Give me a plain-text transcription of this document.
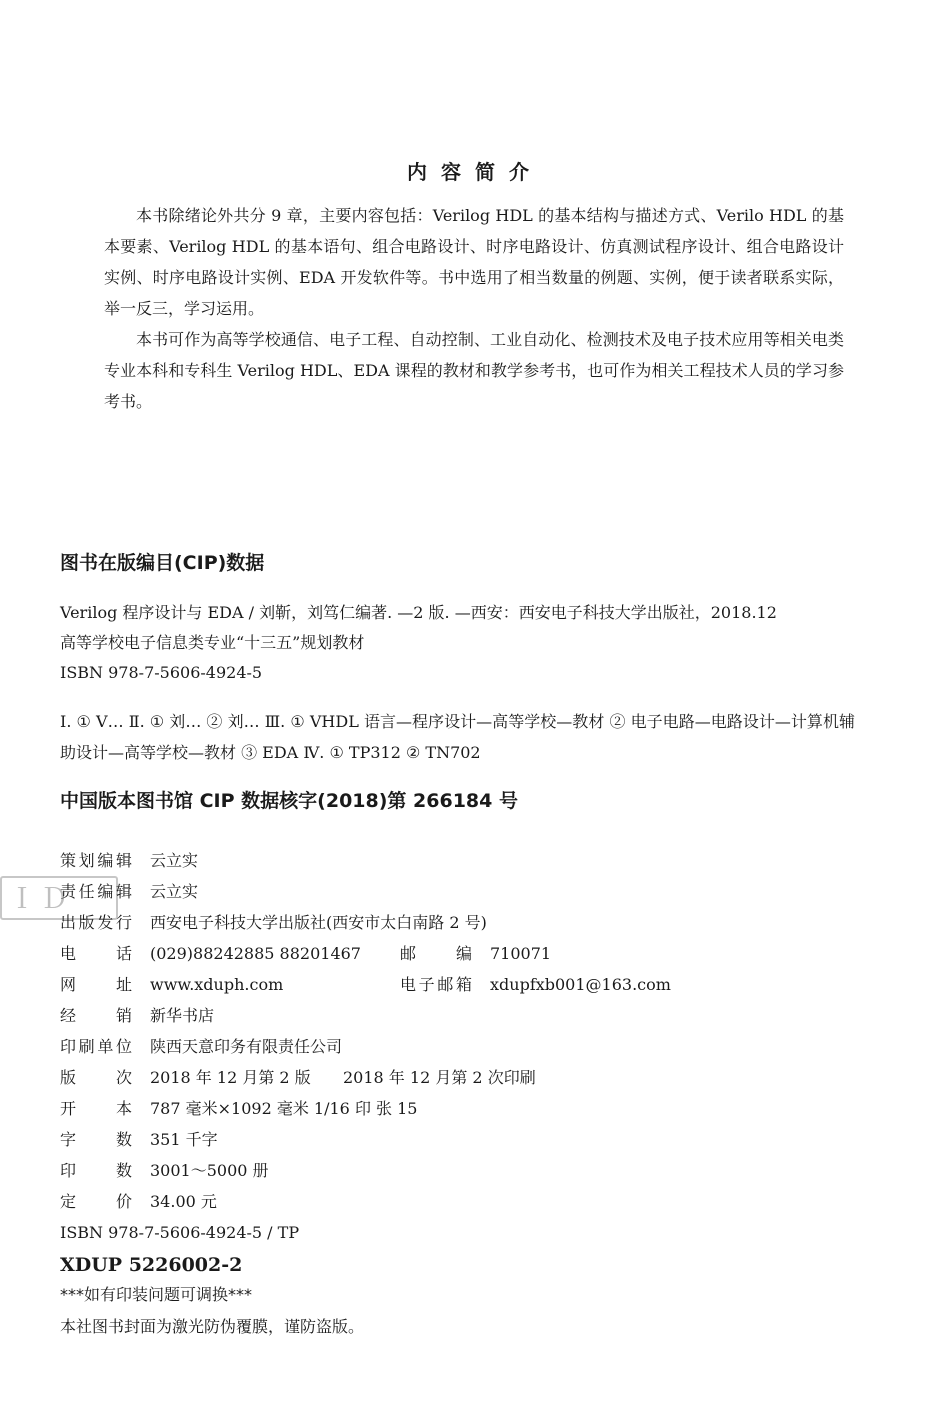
内容简介

本书除绪论外共分 9 章，主要内容包括：Verilog HDL 的基本结构与描述方式、Verilo HDL 的基本要素、Verilog HDL 的基本语句、组合电路设计、时序电路设计、仿真测试程序设计、组合电路设计实例、时序电路设计实例、EDA 开发软件等。书中选用了相当数量的例题、实例，便于读者联系实际，举一反三，学习运用。

本书可作为高等学校通信、电子工程、自动控制、工业自动化、检测技术及电子技术应用等相关电类专业本科和专科生 Verilog HDL、EDA 课程的教材和教学参考书，也可作为相关工程技术人员的学习参考书。

图书在版编目(CIP)数据
Verilog 程序设计与 EDA / 刘靳，刘笃仁编著. —2 版. —西安：西安电子科技大学出版社，2018.12
高等学校电子信息类专业“十三五”规划教材
ISBN 978-7-5606-4924-5
Ⅰ. ① V… Ⅱ. ① 刘… ② 刘… Ⅲ. ① VHDL 语言—程序设计—高等学校—教材 ② 电子电路—电路设计—计算机辅助设计—高等学校—教材 ③ EDA Ⅳ. ① TP312 ② TN702
中国版本图书馆 CIP 数据核字(2018)第 266184 号
ＩＤ
策划编辑 云立实
责任编辑 云立实
出版发行 西安电子科技大学出版社(西安市太白南路 2 号)
电话 (029)88242885 88201467 邮编 710071
网址 www.xduph.com	电子邮箱 xdupfxb001@163.com
经销 新华书店
印刷单位 陕西天意印务有限责任公司
版次 2018 年 12 月第 2 版 2018 年 12 月第 2 次印刷
开本 787 毫米×1092 毫米 1/16 印 张 15
字数 351 千字
印数 3001～5000 册
定价 34.00 元
ISBN 978-7-5606-4924-5 / TP
XDUP 5226002-2
***如有印装问题可调换***
本社图书封面为激光防伪覆膜，谨防盗版。
